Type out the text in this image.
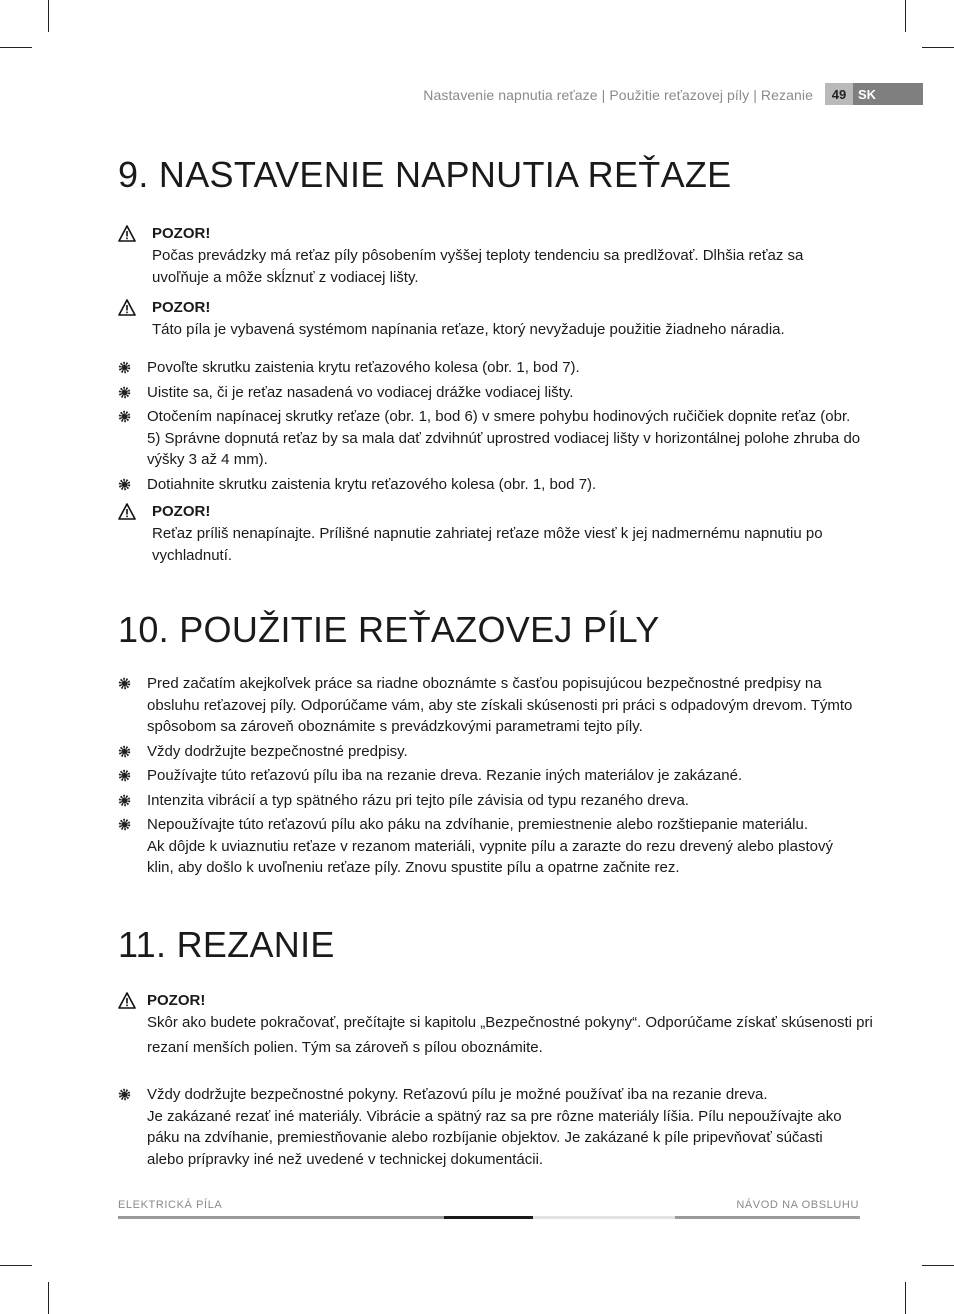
Nastavenie napnutia reťaze | Použitie reťazovej píly | Rezanie	49 SK
9. NASTAVENIE NAPNUTIA REŤAZE
POZOR!
Počas prevádzky má reťaz píly pôsobením vyššej teploty tendenciu sa predlžovať. Dlhšia reťaz sa uvoľňuje a môže skĺznuť z vodiacej lišty.
POZOR!
Táto píla je vybavená systémom napínania reťaze, ktorý nevyžaduje použitie žiadneho náradia.
Povoľte skrutku zaistenia krytu reťazového kolesa (obr. 1, bod 7).
Uistite sa, či je reťaz nasadená vo vodiacej drážke vodiacej lišty.
Otočením napínacej skrutky reťaze (obr. 1, bod 6) v smere pohybu hodinových ručičiek dopnite reťaz (obr. 5) Správne dopnutá reťaz by sa mala dať zdvihnúť uprostred vodiacej lišty v horizontálnej polohe zhruba do výšky 3 až 4 mm).
Dotiahnite skrutku zaistenia krytu reťazového kolesa (obr. 1, bod 7).
POZOR!
Reťaz príliš nenapínajte. Prílišné napnutie zahriatej reťaze môže viesť k jej nadmernému napnutiu po vychladnutí.
10. POUŽITIE REŤAZOVEJ PÍLY
Pred začatím akejkoľvek práce sa riadne oboznámte s časťou popisujúcou bezpečnostné predpisy na obsluhu reťazovej píly. Odporúčame vám, aby ste získali skúsenosti pri práci s odpadovým drevom. Týmto spôsobom sa zároveň oboznámite s prevádzkovými parametrami tejto píly.
Vždy dodržujte bezpečnostné predpisy.
Používajte túto reťazovú pílu iba na rezanie dreva. Rezanie iných materiálov je zakázané.
Intenzita vibrácií a typ spätného rázu pri tejto píle závisia od typu rezaného dreva.
Nepoužívajte túto reťazovú pílu ako páku na zdvíhanie, premiestnenie alebo rozštiepanie materiálu.
Ak dôjde k uviaznutiu reťaze v rezanom materiáli, vypnite pílu a zarazte do rezu drevený alebo plastový klin, aby došlo k uvoľneniu reťaze píly. Znovu spustite pílu a opatrne začnite rez.
11. REZANIE
POZOR!
Skôr ako budete pokračovať, prečítajte si kapitolu „Bezpečnostné pokyny“. Odporúčame získať skúsenosti pri
rezaní menších polien. Tým sa zároveň s pílou oboznámite.
Vždy dodržujte bezpečnostné pokyny. Reťazovú pílu je možné používať iba na rezanie dreva.
Je zakázané rezať iné materiály. Vibrácie a spätný raz sa pre rôzne materiály líšia. Pílu nepoužívajte ako páku na zdvíhanie, premiestňovanie alebo rozbíjanie objektov. Je zakázané k píle pripevňovať súčasti alebo prípravky iné než uvedené v technickej dokumentácii.
ELEKTRICKÁ PÍLA	NÁVOD NA OBSLUHU
